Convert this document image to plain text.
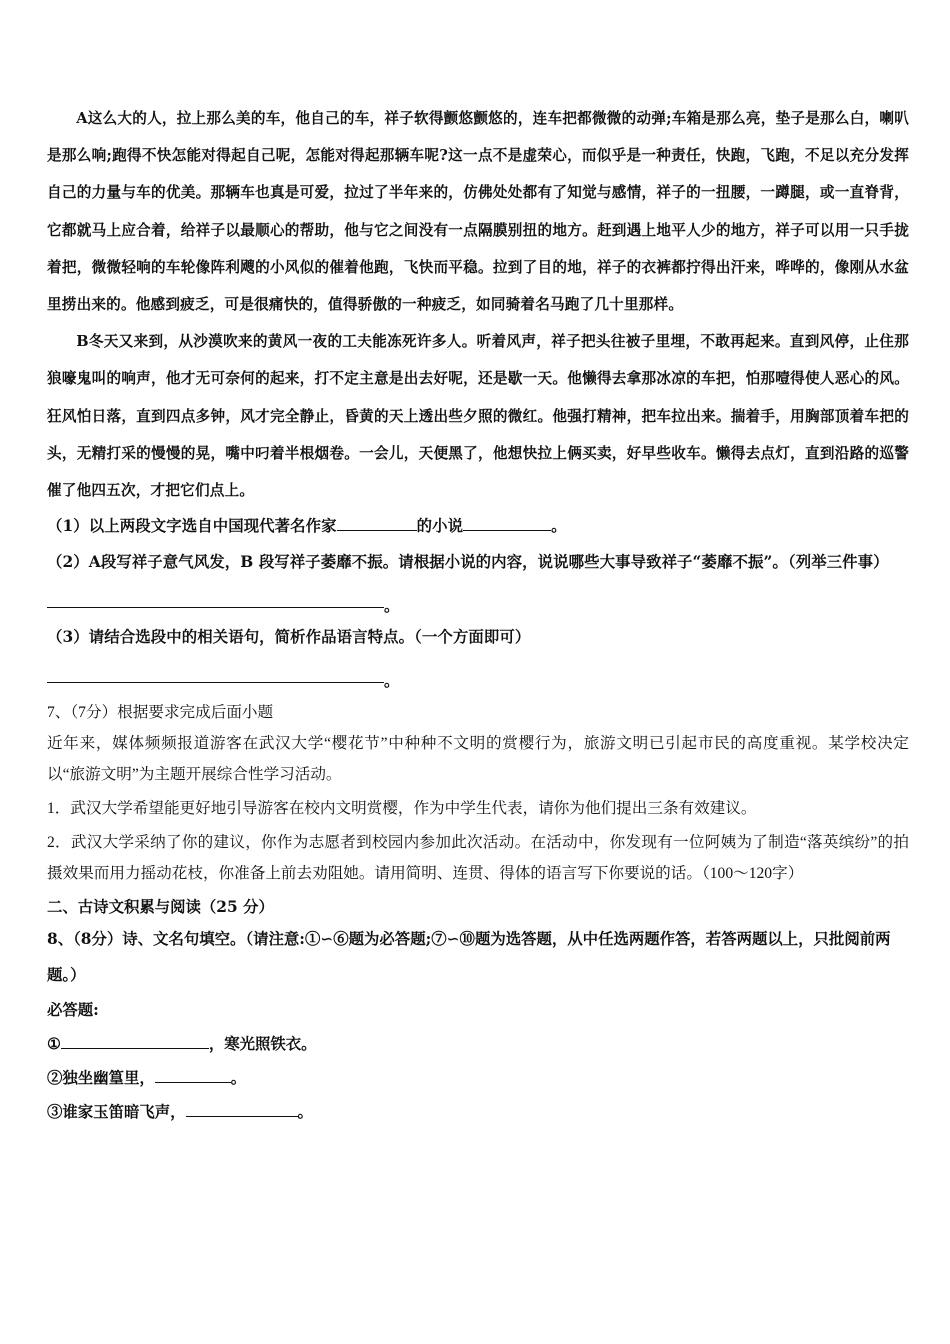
A这么大的人，拉上那么美的车，他自己的车，祥子软得颤悠颤悠的，连车把都微微的动弹;车箱是那么亮，垫子是那么白，喇叭是那么响;跑得不快怎能对得起自己呢，怎能对得起那辆车呢?这一点不是虚荣心，而似乎是一种责任，快跑，飞跑，不足以充分发挥自己的力量与车的优美。那辆车也真是可爱，拉过了半年来的，仿佛处处都有了知觉与感情，祥子的一扭腰，一蹲腿，或一直脊背，它都就马上应合着，给祥子以最顺心的帮助，他与它之间没有一点隔膜别扭的地方。赶到遇上地平人少的地方，祥子可以用一只手拢着把，微微轻响的车轮像阵利飕的小风似的催着他跑，飞快而平稳。拉到了目的地，祥子的衣裤都拧得出汗来，哗哗的，像刚从水盆里捞出来的。他感到疲乏，可是很痛快的，值得骄傲的一种疲乏，如同骑着名马跑了几十里那样。

B冬天又来到，从沙漠吹来的黄风一夜的工夫能冻死许多人。听着风声，祥子把头往被子里埋，不敢再起来。直到风停，止住那狼嚎鬼叫的响声，他才无可奈何的起来，打不定主意是出去好呢，还是歇一天。他懒得去拿那冰凉的车把，怕那噎得使人恶心的风。狂风怕日落，直到四点多钟，风才完全静止，昏黄的天上透出些夕照的微红。他强打精神，把车拉出来。揣着手，用胸部顶着车把的头，无精打采的慢慢的晃，嘴中叼着半根烟卷。一会儿，天便黑了，他想快拉上俩买卖，好早些收车。懒得去点灯，直到沿路的巡警催了他四五次，才把它们点上。

（1）以上两段文字选自中国现代著名作家	的小说	。

（2）A段写祥子意气风发，B 段写祥子萎靡不振。请根据小说的内容，说说哪些大事导致祥子“萎靡不振”。（列举三件事）

。

（3）请结合选段中的相关语句，简析作品语言特点。（一个方面即可）

。

7、（7分）根据要求完成后面小题

近年来，媒体频频报道游客在武汉大学“樱花节”中种种不文明的赏樱行为，旅游文明已引起市民的高度重视。某学校决定以“旅游文明”为主题开展综合性学习活动。

1．武汉大学希望能更好地引导游客在校内文明赏樱，作为中学生代表，请你为他们提出三条有效建议。

2．武汉大学采纳了你的建议，你作为志愿者到校园内参加此次活动。在活动中，你发现有一位阿姨为了制造“落英缤纷”的拍摄效果而用力摇动花枝，你准备上前去劝阻她。请用简明、连贯、得体的语言写下你要说的话。（100～120字）

二、古诗文积累与阅读（25 分）

8、（8分）诗、文名句填空。（请注意:①∽⑥题为必答题;⑦∽⑩题为选答题，从中任选两题作答，若答两题以上，只批阅前两题。）

必答题:

①	，寒光照铁衣。

②独坐幽篁里，	。

③谁家玉笛暗飞声，	。
